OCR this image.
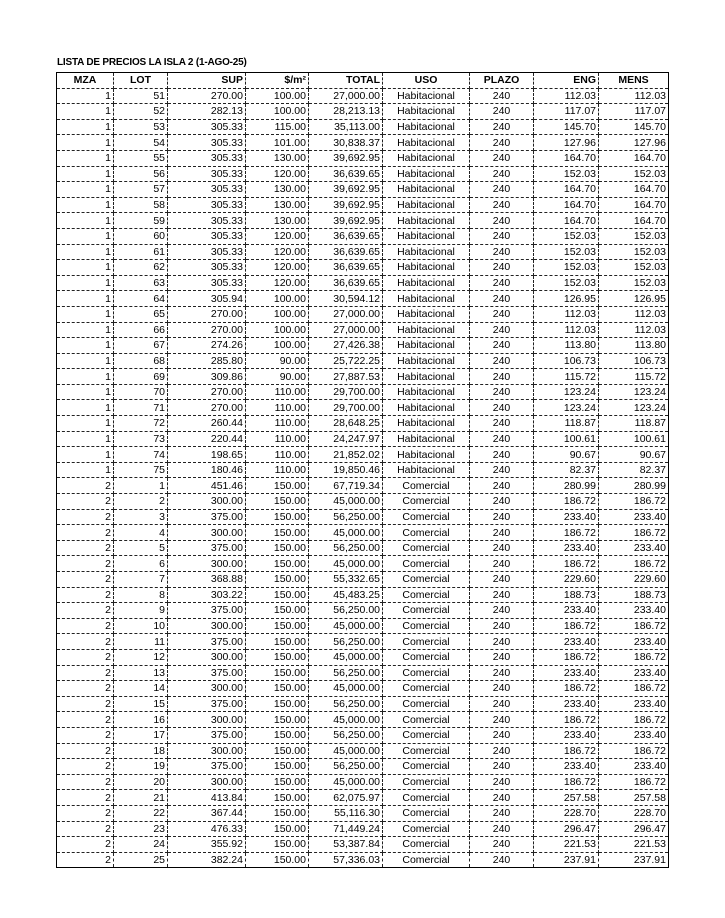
LISTA DE PRECIOS LA ISLA 2 (1-AGO-25)
MZA	LOT	SUP	$/m²	TOTAL	USO	PLAZO	ENG	MENS
1	51	270.00	100.00	27,000.00	Habitacional	240	112.03	112.03
1	52	282.13	100.00	28,213.13	Habitacional	240	117.07	117.07
1	53	305.33	115.00	35,113.00	Habitacional	240	145.70	145.70
1	54	305.33	101.00	30,838.37	Habitacional	240	127.96	127.96
1	55	305.33	130.00	39,692.95	Habitacional	240	164.70	164.70
1	56	305.33	120.00	36,639.65	Habitacional	240	152.03	152.03
1	57	305.33	130.00	39,692.95	Habitacional	240	164.70	164.70
1	58	305.33	130.00	39,692.95	Habitacional	240	164.70	164.70
1	59	305.33	130.00	39,692.95	Habitacional	240	164.70	164.70
1	60	305.33	120.00	36,639.65	Habitacional	240	152.03	152.03
1	61	305.33	120.00	36,639.65	Habitacional	240	152.03	152.03
1	62	305.33	120.00	36,639.65	Habitacional	240	152.03	152.03
1	63	305.33	120.00	36,639.65	Habitacional	240	152.03	152.03
1	64	305.94	100.00	30,594.12	Habitacional	240	126.95	126.95
1	65	270.00	100.00	27,000.00	Habitacional	240	112.03	112.03
1	66	270.00	100.00	27,000.00	Habitacional	240	112.03	112.03
1	67	274.26	100.00	27,426.38	Habitacional	240	113.80	113.80
1	68	285.80	90.00	25,722.25	Habitacional	240	106.73	106.73
1	69	309.86	90.00	27,887.53	Habitacional	240	115.72	115.72
1	70	270.00	110.00	29,700.00	Habitacional	240	123.24	123.24
1	71	270.00	110.00	29,700.00	Habitacional	240	123.24	123.24
1	72	260.44	110.00	28,648.25	Habitacional	240	118.87	118.87
1	73	220.44	110.00	24,247.97	Habitacional	240	100.61	100.61
1	74	198.65	110.00	21,852.02	Habitacional	240	90.67	90.67
1	75	180.46	110.00	19,850.46	Habitacional	240	82.37	82.37
2	1	451.46	150.00	67,719.34	Comercial	240	280.99	280.99
2	2	300.00	150.00	45,000.00	Comercial	240	186.72	186.72
2	3	375.00	150.00	56,250.00	Comercial	240	233.40	233.40
2	4	300.00	150.00	45,000.00	Comercial	240	186.72	186.72
2	5	375.00	150.00	56,250.00	Comercial	240	233.40	233.40
2	6	300.00	150.00	45,000.00	Comercial	240	186.72	186.72
2	7	368.88	150.00	55,332.65	Comercial	240	229.60	229.60
2	8	303.22	150.00	45,483.25	Comercial	240	188.73	188.73
2	9	375.00	150.00	56,250.00	Comercial	240	233.40	233.40
2	10	300.00	150.00	45,000.00	Comercial	240	186.72	186.72
2	11	375.00	150.00	56,250.00	Comercial	240	233.40	233.40
2	12	300.00	150.00	45,000.00	Comercial	240	186.72	186.72
2	13	375.00	150.00	56,250.00	Comercial	240	233.40	233.40
2	14	300.00	150.00	45,000.00	Comercial	240	186.72	186.72
2	15	375.00	150.00	56,250.00	Comercial	240	233.40	233.40
2	16	300.00	150.00	45,000.00	Comercial	240	186.72	186.72
2	17	375.00	150.00	56,250.00	Comercial	240	233.40	233.40
2	18	300.00	150.00	45,000.00	Comercial	240	186.72	186.72
2	19	375.00	150.00	56,250.00	Comercial	240	233.40	233.40
2	20	300.00	150.00	45,000.00	Comercial	240	186.72	186.72
2	21	413.84	150.00	62,075.97	Comercial	240	257.58	257.58
2	22	367.44	150.00	55,116.30	Comercial	240	228.70	228.70
2	23	476.33	150.00	71,449.24	Comercial	240	296.47	296.47
2	24	355.92	150.00	53,387.84	Comercial	240	221.53	221.53
2	25	382.24	150.00	57,336.03	Comercial	240	237.91	237.91
